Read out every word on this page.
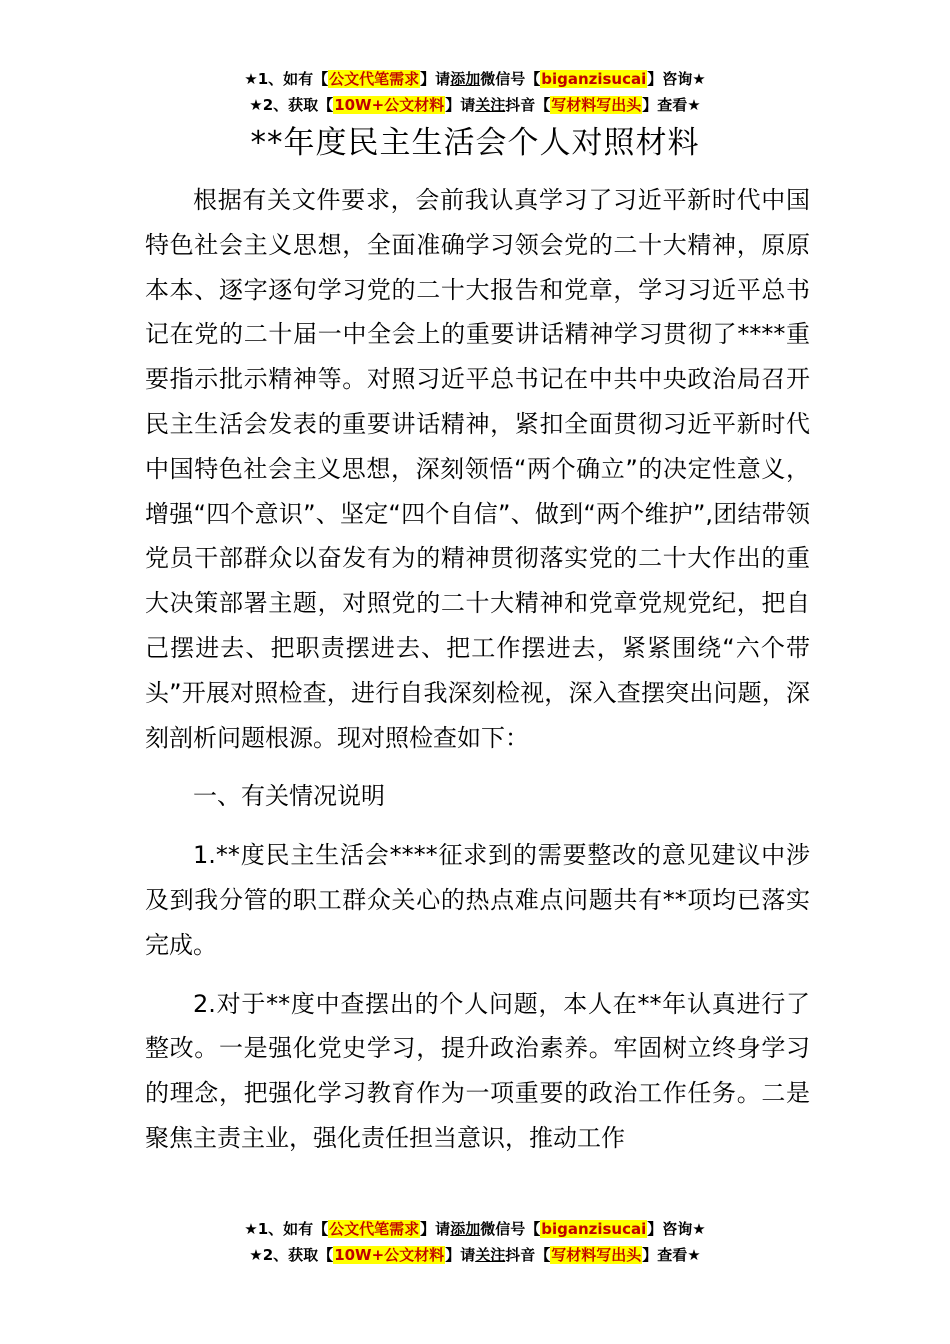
★1、如有【公文代笔需求】请添加微信号【biganzisucai】咨询★
★2、获取【10W+公文材料】请关注抖音【写材料写出头】查看★
**年度民主生活会个人对照材料

根据有关文件要求，会前我认真学习了习近平新时代中国特色社会主义思想，全面准确学习领会党的二十大精神，原原本本、逐字逐句学习党的二十大报告和党章，学习习近平总书记在党的二十届一中全会上的重要讲话精神学习贯彻了****重要指示批示精神等。对照习近平总书记在中共中央政治局召开民主生活会发表的重要讲话精神，紧扣全面贯彻习近平新时代中国特色社会主义思想，深刻领悟“两个确立”的决定性意义，增强“四个意识”、坚定“四个自信”、做到“两个维护”,团结带领党员干部群众以奋发有为的精神贯彻落实党的二十大作出的重大决策部署主题，对照党的二十大精神和党章党规党纪，把自己摆进去、把职责摆进去、把工作摆进去，紧紧围绕“六个带头”开展对照检查，进行自我深刻检视，深入查摆突出问题，深刻剖析问题根源。现对照检查如下：

一、有关情况说明

1.**度民主生活会****征求到的需要整改的意见建议中涉及到我分管的职工群众关心的热点难点问题共有**项均已落实完成。

2.对于**度中查摆出的个人问题，本人在**年认真进行了整改。一是强化党史学习，提升政治素养。牢固树立终身学习的理念，把强化学习教育作为一项重要的政治工作任务。二是聚焦主责主业，强化责任担当意识，推动工作

★1、如有【公文代笔需求】请添加微信号【biganzisucai】咨询★
★2、获取【10W+公文材料】请关注抖音【写材料写出头】查看★
